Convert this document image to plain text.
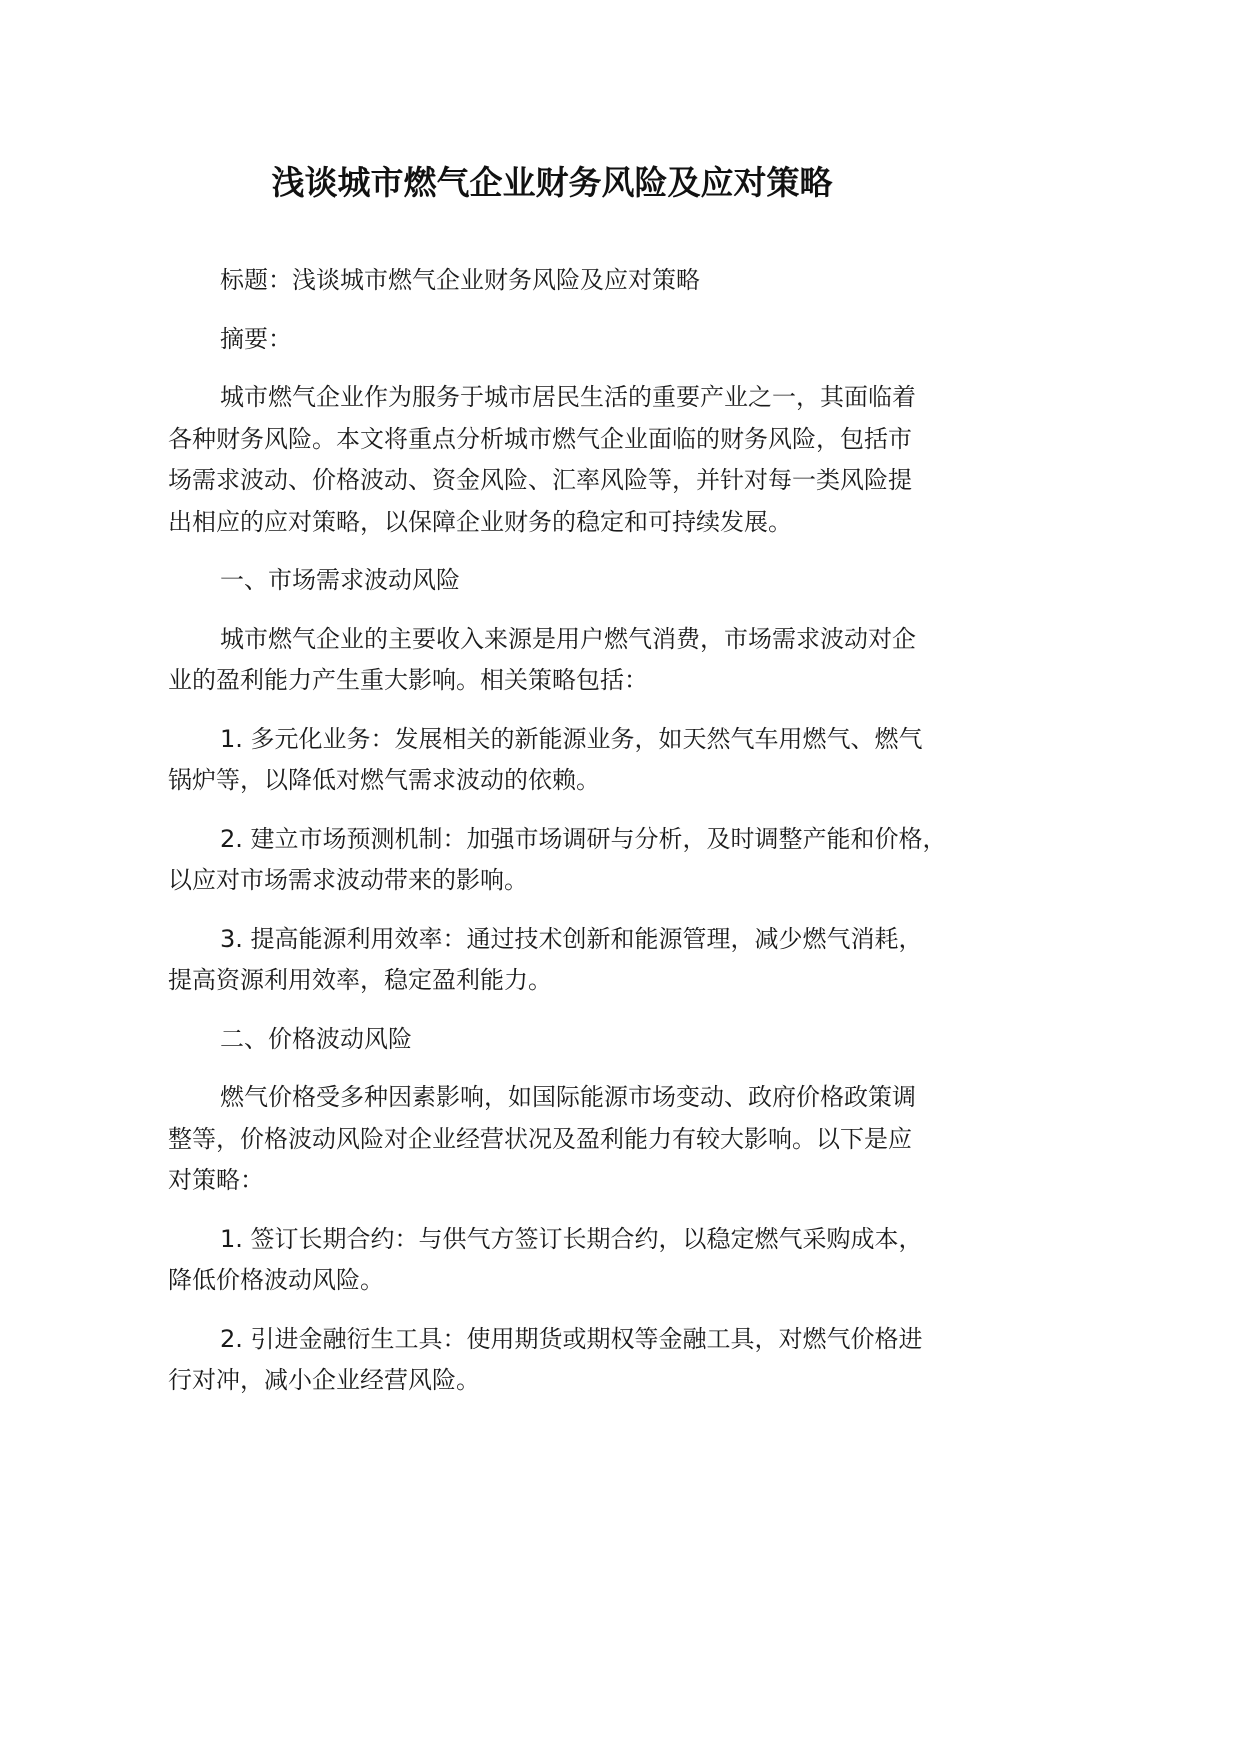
浅谈城市燃气企业财务风险及应对策略

标题：浅谈城市燃气企业财务风险及应对策略

摘要：

城市燃气企业作为服务于城市居民生活的重要产业之一，其面临着
各种财务风险。本文将重点分析城市燃气企业面临的财务风险，包括市
场需求波动、价格波动、资金风险、汇率风险等，并针对每一类风险提
出相应的应对策略，以保障企业财务的稳定和可持续发展。

一、市场需求波动风险

城市燃气企业的主要收入来源是用户燃气消费，市场需求波动对企
业的盈利能力产生重大影响。相关策略包括：

1. 多元化业务：发展相关的新能源业务，如天然气车用燃气、燃气
锅炉等，以降低对燃气需求波动的依赖。

2. 建立市场预测机制：加强市场调研与分析，及时调整产能和价格，
以应对市场需求波动带来的影响。

3. 提高能源利用效率：通过技术创新和能源管理，减少燃气消耗，
提高资源利用效率，稳定盈利能力。

二、价格波动风险

燃气价格受多种因素影响，如国际能源市场变动、政府价格政策调
整等，价格波动风险对企业经营状况及盈利能力有较大影响。以下是应
对策略：

1. 签订长期合约：与供气方签订长期合约，以稳定燃气采购成本，
降低价格波动风险。

2. 引进金融衍生工具：使用期货或期权等金融工具，对燃气价格进
行对冲，减小企业经营风险。
